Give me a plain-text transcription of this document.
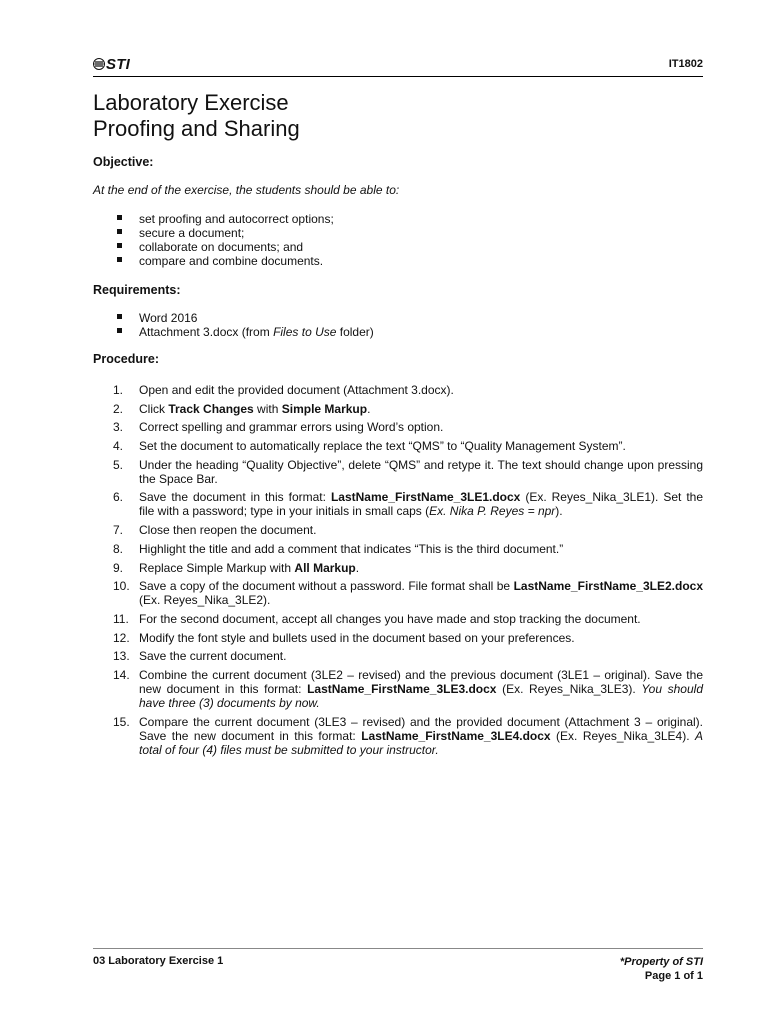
STI	IT1802
Laboratory Exercise
Proofing and Sharing
Objective:
At the end of the exercise, the students should be able to:
set proofing and autocorrect options;
secure a document;
collaborate on documents; and
compare and combine documents.
Requirements:
Word 2016
Attachment 3.docx (from Files to Use folder)
Procedure:
1. Open and edit the provided document (Attachment 3.docx).
2. Click Track Changes with Simple Markup.
3. Correct spelling and grammar errors using Word’s option.
4. Set the document to automatically replace the text “QMS” to “Quality Management System”.
5. Under the heading “Quality Objective”, delete “QMS” and retype it. The text should change upon pressing the Space Bar.
6. Save the document in this format: LastName_FirstName_3LE1.docx (Ex. Reyes_Nika_3LE1). Set the file with a password; type in your initials in small caps (Ex. Nika P. Reyes = npr).
7. Close then reopen the document.
8. Highlight the title and add a comment that indicates “This is the third document.”
9. Replace Simple Markup with All Markup.
10. Save a copy of the document without a password. File format shall be LastName_FirstName_3LE2.docx (Ex. Reyes_Nika_3LE2).
11. For the second document, accept all changes you have made and stop tracking the document.
12. Modify the font style and bullets used in the document based on your preferences.
13. Save the current document.
14. Combine the current document (3LE2 – revised) and the previous document (3LE1 – original). Save the new document in this format: LastName_FirstName_3LE3.docx (Ex. Reyes_Nika_3LE3). You should have three (3) documents by now.
15. Compare the current document (3LE3 – revised) and the provided document (Attachment 3 – original). Save the new document in this format: LastName_FirstName_3LE4.docx (Ex. Reyes_Nika_3LE4). A total of four (4) files must be submitted to your instructor.
03 Laboratory Exercise 1	*Property of STI
Page 1 of 1
